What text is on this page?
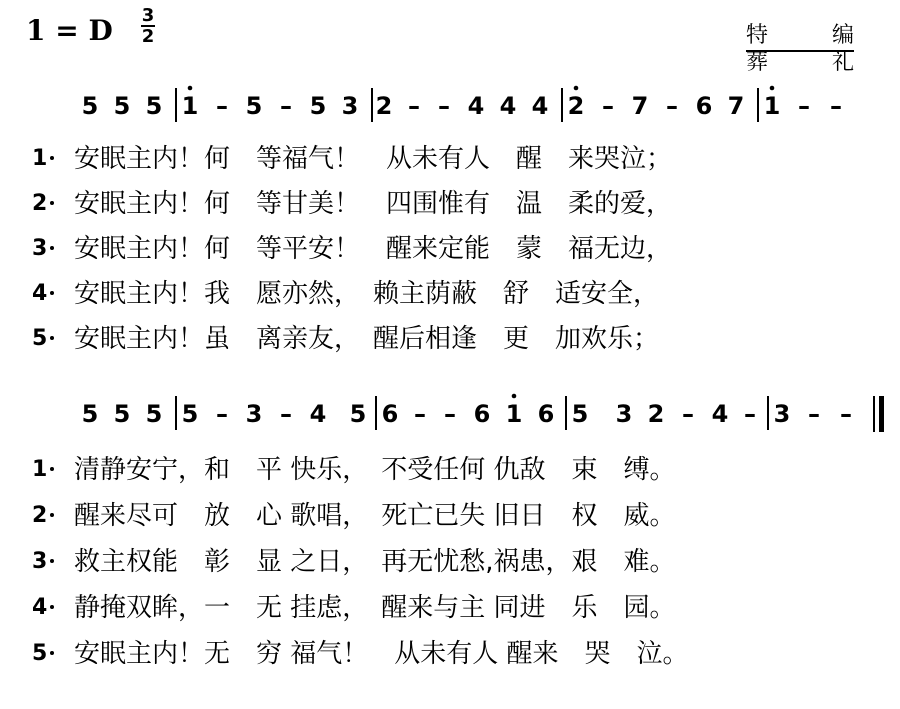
1 = D 3
2	特	编
葬	礼
5 5 5 1 – 5 – 5 3 2 – – 4 4 4 2 – 7 – 6 7 1 – –
1 安眠主内！何　等福气！　从未有人　醒　来哭泣；
2 安眠主内！何　等甘美！　四围惟有　温　柔的爱，
3 安眠主内！何　等平安！　醒来定能　蒙　福无边，
4 安眠主内！我　愿亦然，　赖主荫蔽　舒　适安全，
5 安眠主内！虽　离亲友，　醒后相逢　更　加欢乐；
5 5 5 5 – 3 – 4 5 6 – – 6 1 6 5 3 2 – 4 – 3 – –
1 清静安宁，和　平 快乐，　不受任何 仇敌　束　缚。
2 醒来尽可　放　心 歌唱，　死亡已失 旧日　权　威。
3 救主权能　彰　显 之日，　再无忧愁,祸患，艰　难。
4 静掩双眸，一　无 挂虑，　醒来与主 同进　乐　园。
5 安眠主内！无　穷 福气！　从未有人 醒来　哭　泣。
